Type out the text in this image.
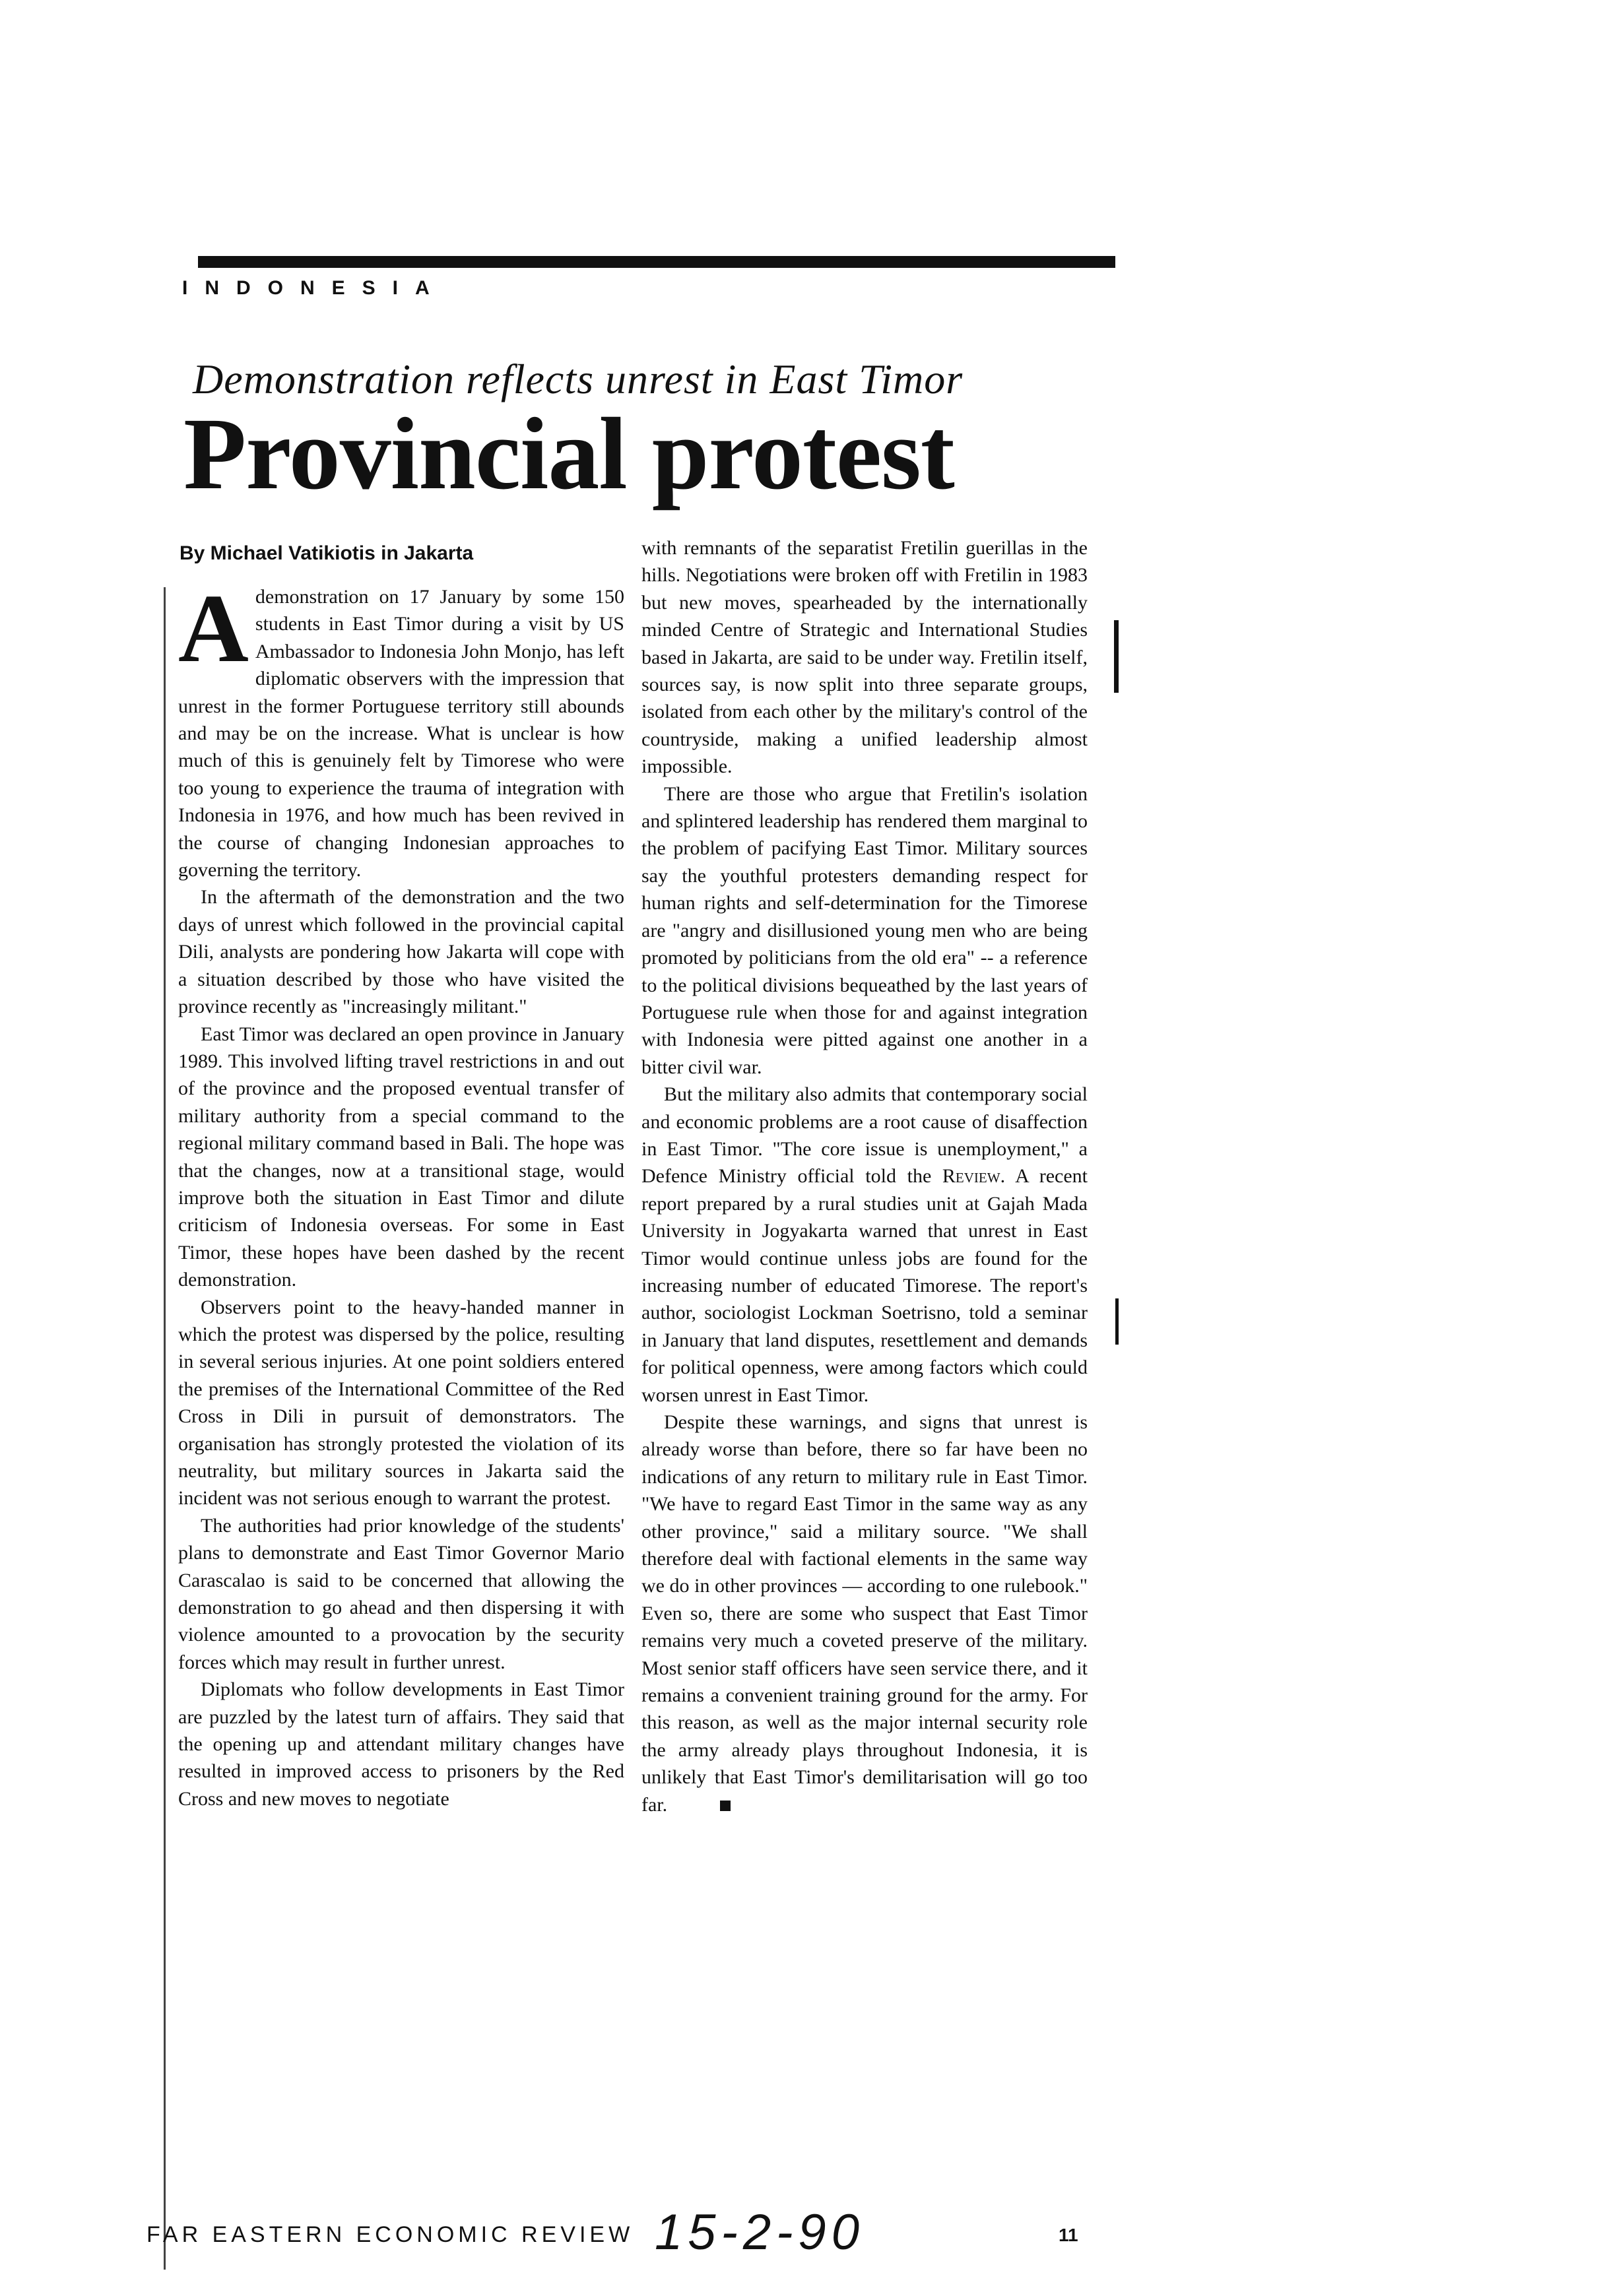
INDONESIA
Demonstration reflects unrest in East Timor
Provincial protest
By Michael Vatikiotis in Jakarta

Ademonstration on 17 January by some 150 students in East Timor during a visit by US Ambassador to Indonesia John Monjo, has left diplomatic observers with the impression that unrest in the former Portuguese territory still abounds and may be on the increase. What is unclear is how much of this is genuinely felt by Timorese who were too young to experience the trauma of integration with Indonesia in 1976, and how much has been revived in the course of changing Indonesian approaches to governing the territory.

In the aftermath of the demonstration and the two days of unrest which followed in the provincial capital Dili, analysts are pondering how Jakarta will cope with a situation described by those who have visited the province recently as "increasingly militant."

East Timor was declared an open province in January 1989. This involved lifting travel restrictions in and out of the province and the proposed eventual transfer of military authority from a special command to the regional military command based in Bali. The hope was that the changes, now at a transitional stage, would improve both the situation in East Timor and dilute criticism of Indonesia overseas. For some in East Timor, these hopes have been dashed by the recent demonstration.

Observers point to the heavy-handed manner in which the protest was dispersed by the police, resulting in several serious injuries. At one point soldiers entered the premises of the International Committee of the Red Cross in Dili in pursuit of demonstrators. The organisation has strongly protested the violation of its neutrality, but military sources in Jakarta said the incident was not serious enough to warrant the protest.

The authorities had prior knowledge of the students' plans to demonstrate and East Timor Governor Mario Carascalao is said to be concerned that allowing the demonstration to go ahead and then dispersing it with violence amounted to a provocation by the security forces which may result in further unrest.

Diplomats who follow developments in East Timor are puzzled by the latest turn of affairs. They said that the opening up and attendant military changes have resulted in improved access to prisoners by the Red Cross and new moves to negotiate

with remnants of the separatist Fretilin guerillas in the hills. Negotiations were broken off with Fretilin in 1983 but new moves, spearheaded by the internationally minded Centre of Strategic and International Studies based in Jakarta, are said to be under way. Fretilin itself, sources say, is now split into three separate groups, isolated from each other by the military's control of the countryside, making a unified leadership almost impossible.

There are those who argue that Fretilin's isolation and splintered leadership has rendered them marginal to the problem of pacifying East Timor. Military sources say the youthful protesters demanding respect for human rights and self-determination for the Timorese are "angry and disillusioned young men who are being promoted by politicians from the old era" -- a reference to the political divisions bequeathed by the last years of Portuguese rule when those for and against integration with Indonesia were pitted against one another in a bitter civil war.

But the military also admits that contemporary social and economic problems are a root cause of disaffection in East Timor. "The core issue is unemployment," a Defence Ministry official told the Review. A recent report prepared by a rural studies unit at Gajah Mada University in Jogyakarta warned that unrest in East Timor would continue unless jobs are found for the increasing number of educated Timorese. The report's author, sociologist Lockman Soetrisno, told a seminar in January that land disputes, resettlement and demands for political openness, were among factors which could worsen unrest in East Timor.

Despite these warnings, and signs that unrest is already worse than before, there so far have been no indications of any return to military rule in East Timor. "We have to regard East Timor in the same way as any other province," said a military source. "We shall therefore deal with factional elements in the same way we do in other provinces — according to one rulebook." Even so, there are some who suspect that East Timor remains very much a coveted preserve of the military. Most senior staff officers have seen service there, and it remains a convenient training ground for the army. For this reason, as well as the major internal security role the army already plays throughout Indonesia, it is unlikely that East Timor's demilitarisation will go too far.

FAR EASTERN ECONOMIC REVIEW 15-2-90	11
